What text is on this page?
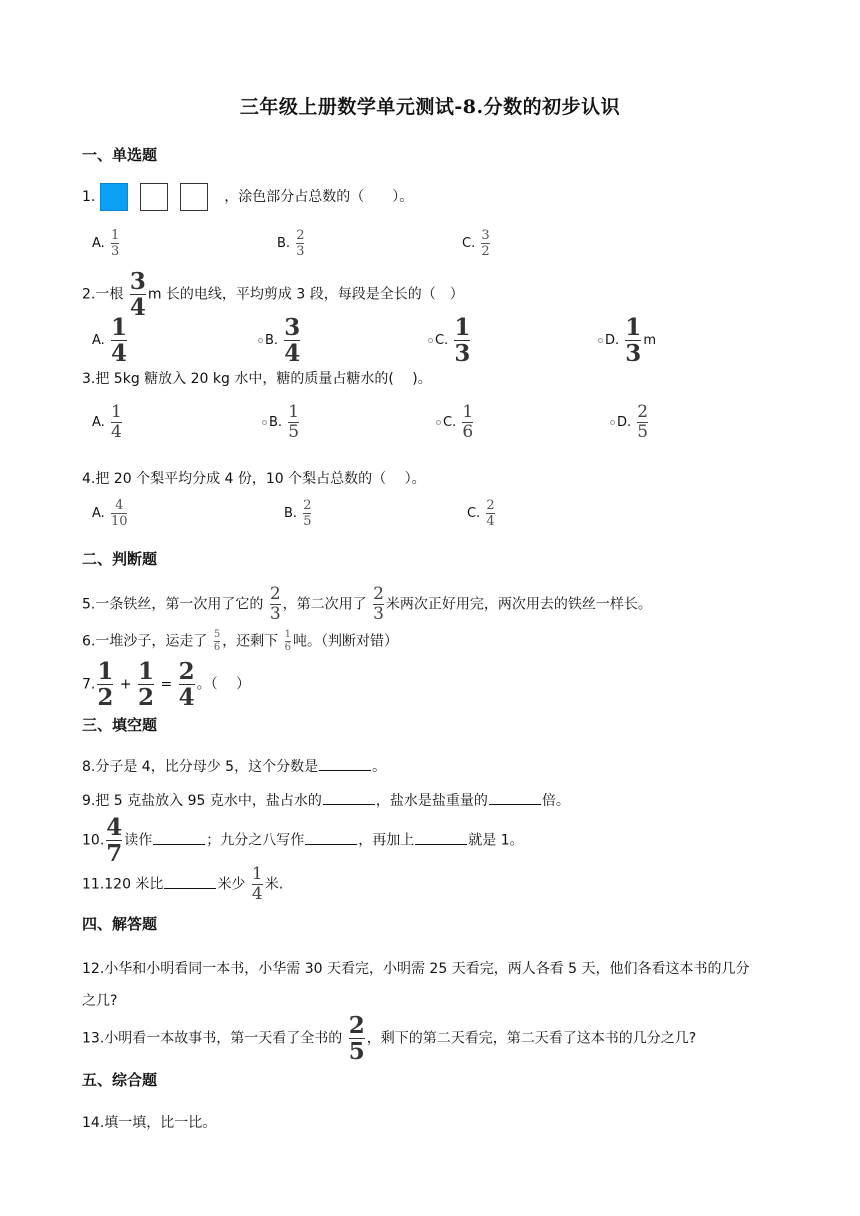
三年级上册数学单元测试-8.分数的初步认识
一、单选题
1.	，涂色部分占总数的（　　）。
A. $\frac{1}{3}$	B. $\frac{2}{3}$	C. $\frac{3}{2}$
2.一根 $\frac{3}{4}$ m 长的电线，平均剪成 3 段，每段是全长的（　）
A. $\frac{1}{4}$	B. $\frac{3}{4}$	C. $\frac{1}{3}$	D. $\frac{1}{3}$ m
3.把 5kg 糖放入 20 kg 水中，糖的质量占糖水的(　 )。
A. $\frac{1}{4}$	B. $\frac{1}{5}$	C. $\frac{1}{6}$	D. $\frac{2}{5}$
4.把 20 个梨平均分成 4 份，10 个梨占总数的（　 ）。
A. $\frac{4}{10}$	B. $\frac{2}{5}$	C. $\frac{2}{4}$
二、判断题
5.一条铁丝，第一次用了它的 $\frac{2}{3}$ ，第二次用了 $\frac{2}{3}$ 米两次正好用完，两次用去的铁丝一样长。
6.一堆沙子，运走了 $\frac{5}{6}$ ，还剩下 $\frac{1}{6}$ 吨。（判断对错）
7. $\frac{1}{2} + \frac{1}{2} = \frac{2}{4}$ 。（　 ）
三、填空题
8.分子是 4，比分母少 5，这个分数是	。
9.把 5 克盐放入 95 克水中，盐占水的	，盐水是盐重量的	倍。
10. $\frac{4}{7}$ 读作	；九分之八写作	，再加上	就是 1。
11.120 米比	米少 $\frac{1}{4}$ 米.
四、解答题
12.小华和小明看同一本书，小华需 30 天看完，小明需 25 天看完，两人各看 5 天，他们各看这本书的几分
之几?
13.小明看一本故事书，第一天看了全书的 $\frac{2}{5}$ ，剩下的第二天看完，第二天看了这本书的几分之几?
五、综合题
14.填一填，比一比。
